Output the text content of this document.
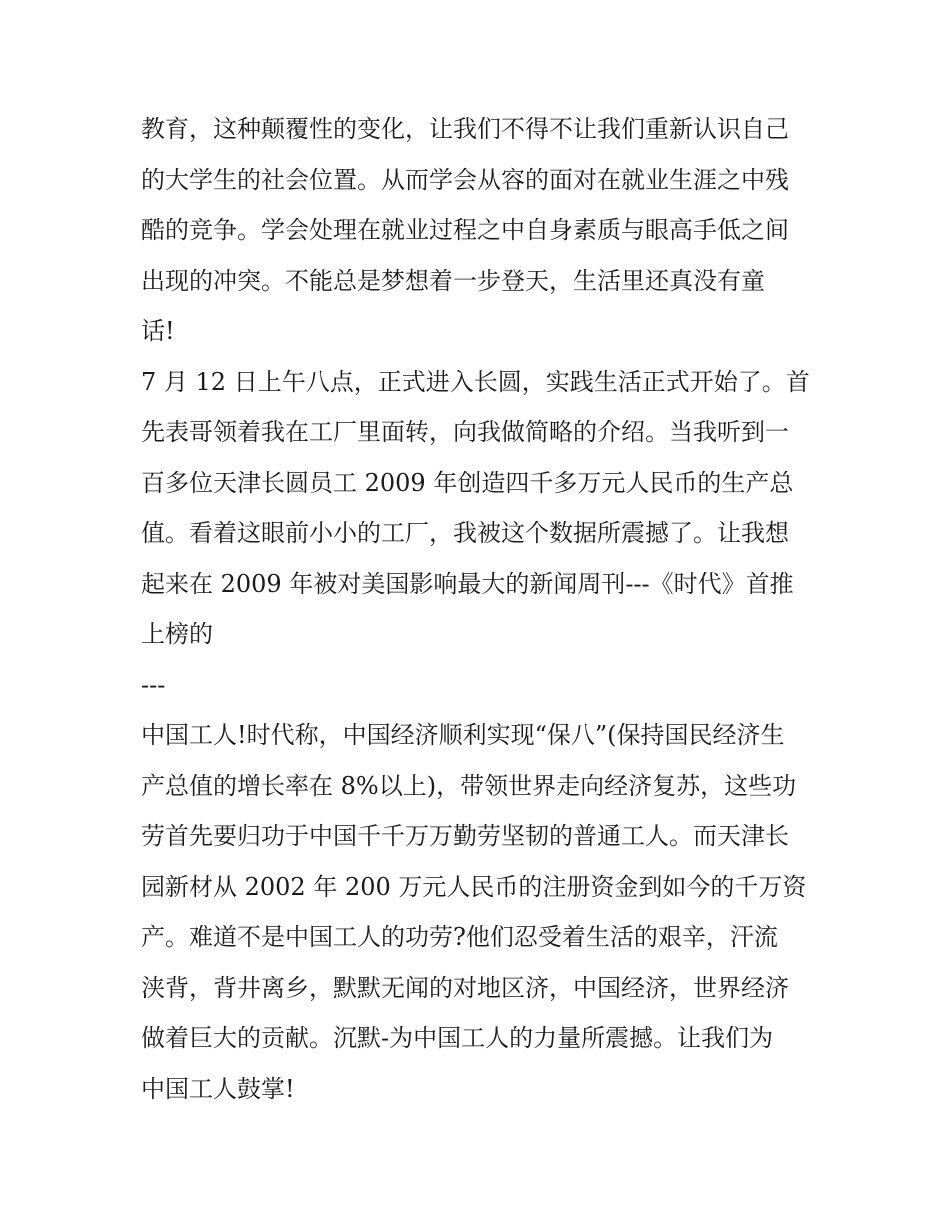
教育，这种颠覆性的变化，让我们不得不让我们重新认识自己
的大学生的社会位置。从而学会从容的面对在就业生涯之中残
酷的竞争。学会处理在就业过程之中自身素质与眼高手低之间
出现的冲突。不能总是梦想着一步登天，生活里还真没有童
话!
7 月 12 日上午八点，正式进入长圆，实践生活正式开始了。首
先表哥领着我在工厂里面转，向我做简略的介绍。当我听到一
百多位天津长圆员工 2009 年创造四千多万元人民币的生产总
值。看着这眼前小小的工厂，我被这个数据所震撼了。让我想
起来在 2009 年被对美国影响最大的新闻周刊---《时代》首推
上榜的
---
中国工人!时代称，中国经济顺利实现“保八”(保持国民经济生
产总值的增长率在 8%以上)，带领世界走向经济复苏，这些功
劳首先要归功于中国千千万万勤劳坚韧的普通工人。而天津长
园新材从 2002 年 200 万元人民币的注册资金到如今的千万资
产。难道不是中国工人的功劳?他们忍受着生活的艰辛，汗流
浃背，背井离乡，默默无闻的对地区济，中国经济，世界经济
做着巨大的贡献。沉默-为中国工人的力量所震撼。让我们为
中国工人鼓掌!
